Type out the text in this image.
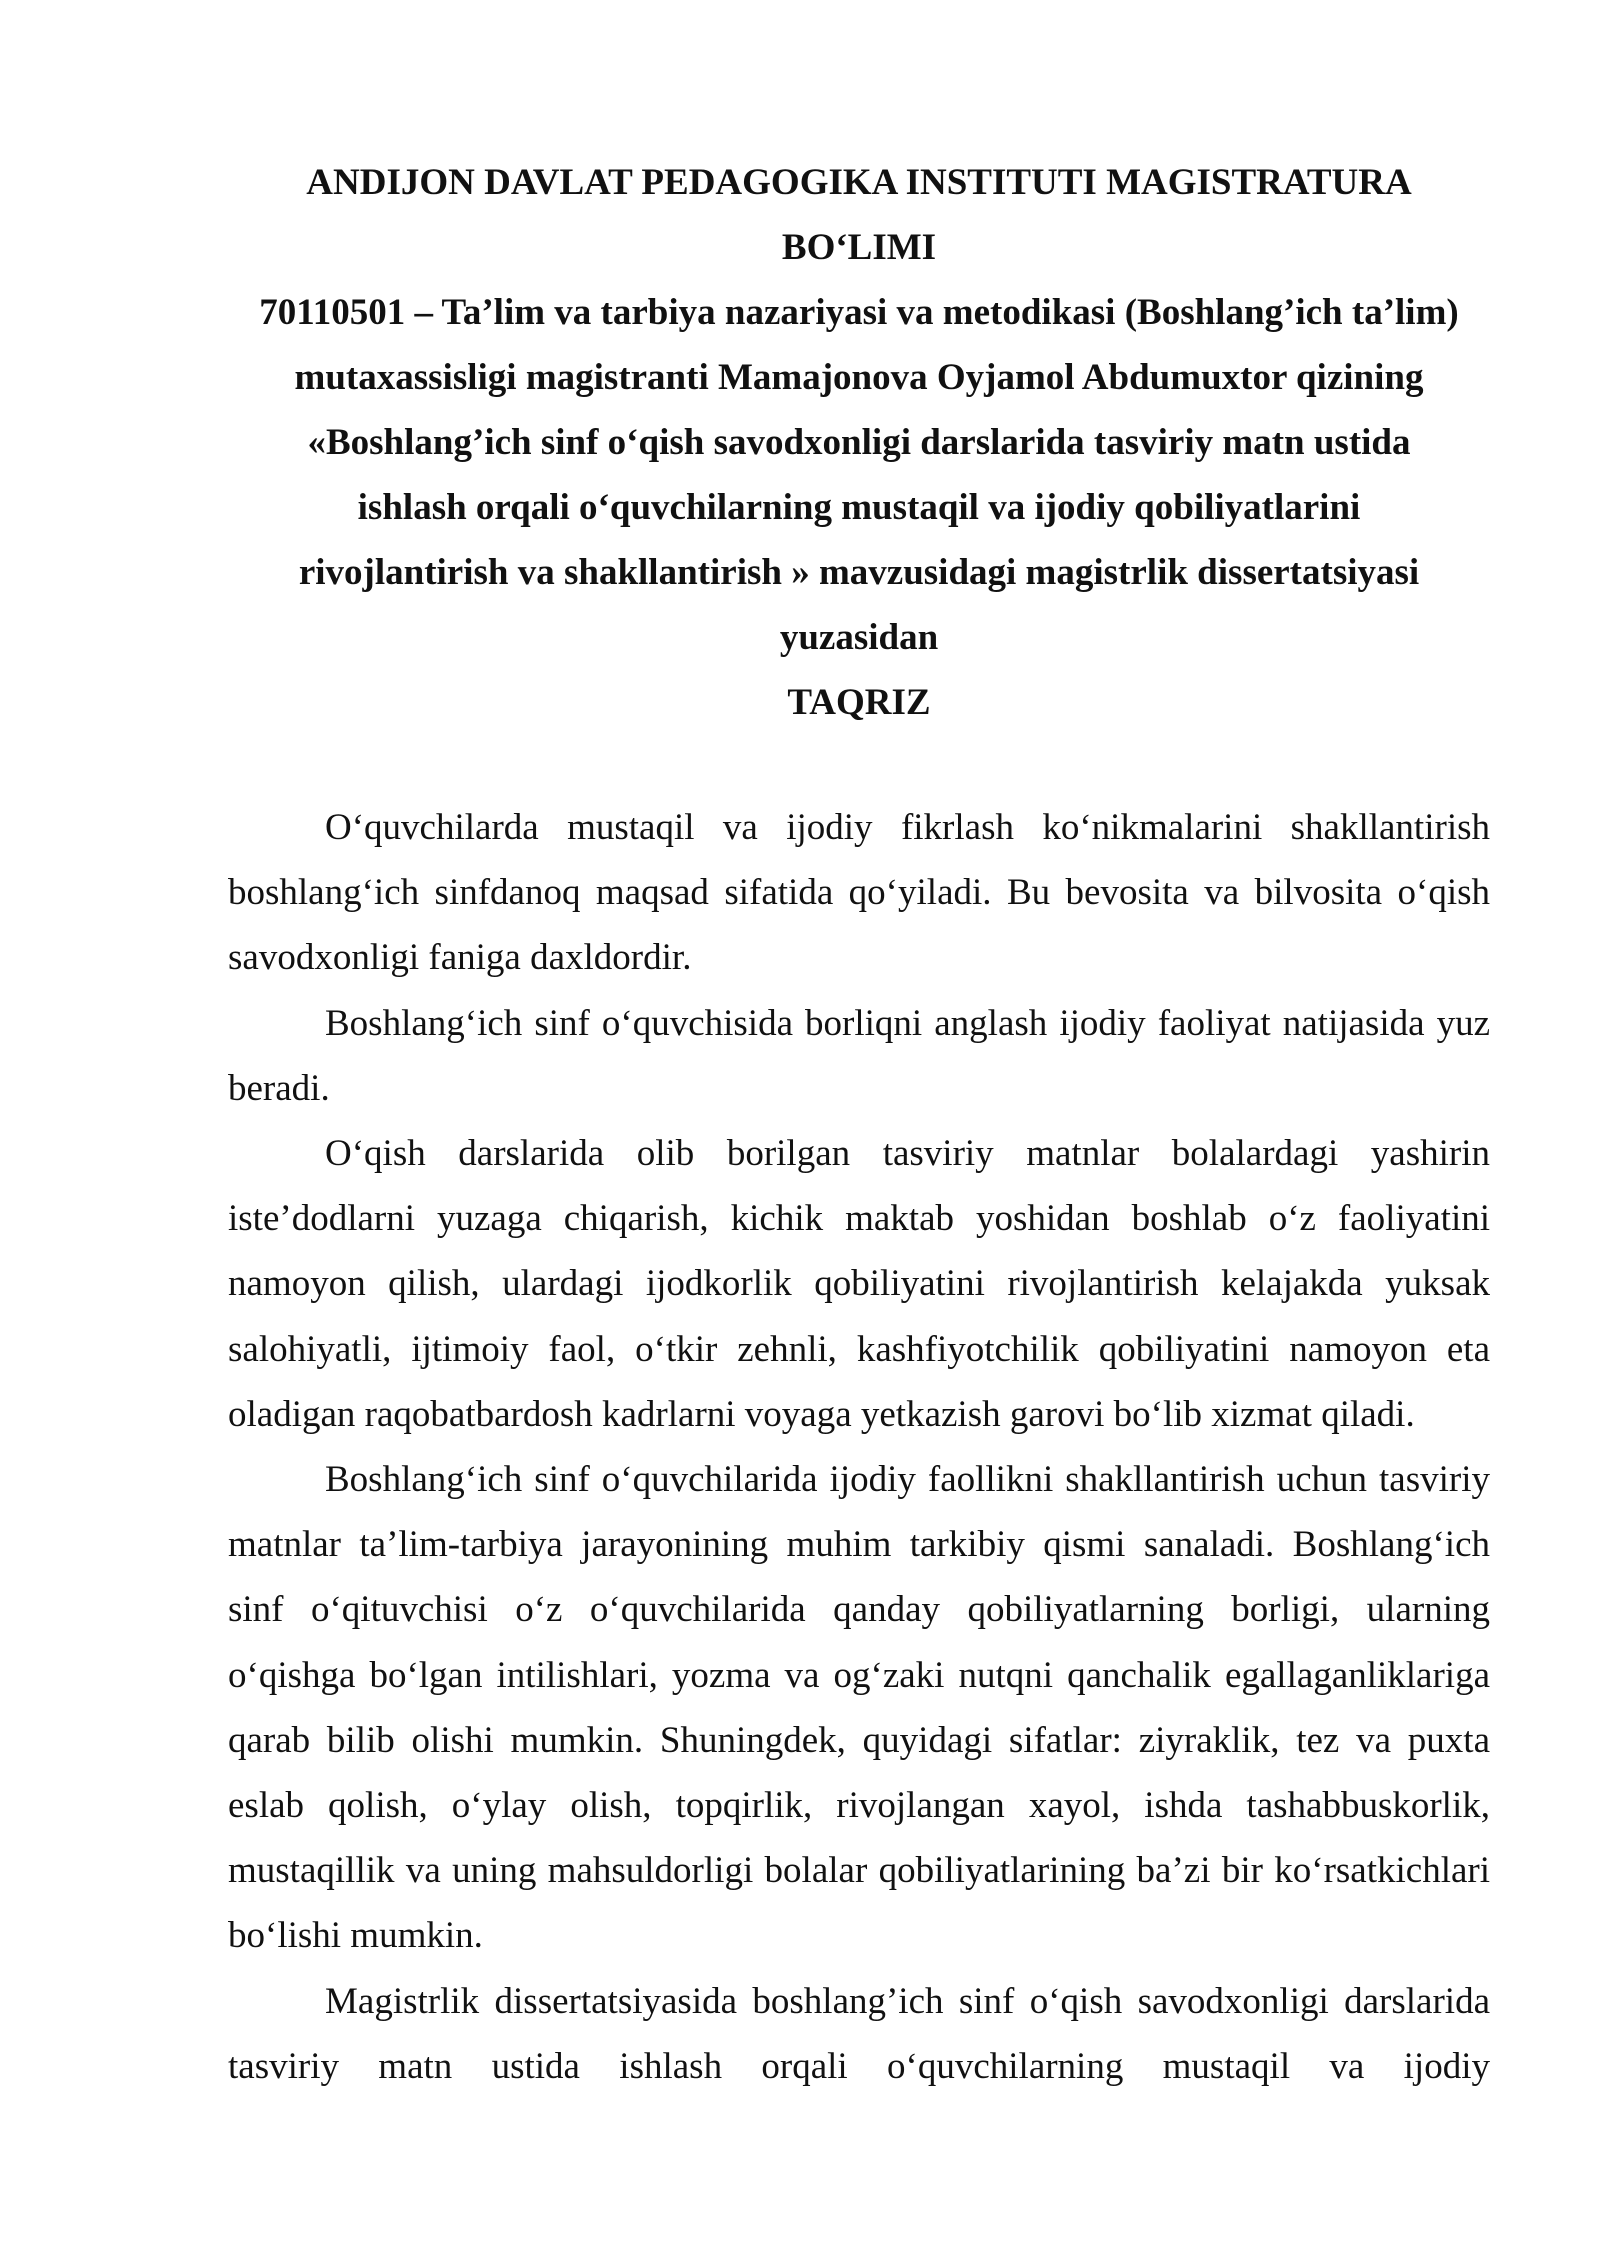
ANDIJON DAVLAT PEDAGOGIKA INSTITUTI MAGISTRATURA
BO‘LIMI
70110501 – Ta’lim va tarbiya nazariyasi va metodikasi (Boshlang’ich ta’lim)
mutaxassisligi magistranti Mamajonova Oyjamol Abdumuxtor qizining
«Boshlang’ich sinf o‘qish savodxonligi darslarida tasviriy matn ustida
ishlash orqali o‘quvchilarning mustaqil va ijodiy qobiliyatlarini
rivojlantirish va shakllantirish » mavzusidagi magistrlik dissertatsiyasi
yuzasidan
TAQRIZ

O‘quvchilarda mustaqil va ijodiy fikrlash ko‘nikmalarini shakllantirish boshlang‘ich sinfdanoq maqsad sifatida qo‘yiladi. Bu bevosita va bilvosita o‘qish savodxonligi faniga daxldordir.

Boshlang‘ich sinf o‘quvchisida borliqni anglash ijodiy faoliyat natijasida yuz beradi.

O‘qish darslarida olib borilgan tasviriy matnlar bolalardagi yashirin iste’dodlarni yuzaga chiqarish, kichik maktab yoshidan boshlab o‘z faoliyatini namoyon qilish, ulardagi ijodkorlik qobiliyatini rivojlantirish kelajakda yuksak salohiyatli, ijtimoiy faol, o‘tkir zehnli, kashfiyotchilik qobiliyatini namoyon eta oladigan raqobatbardosh kadrlarni voyaga yetkazish garovi bo‘lib xizmat qiladi.

Boshlang‘ich sinf o‘quvchilarida ijodiy faollikni shakllantirish uchun tasviriy matnlar ta’lim-tarbiya jarayonining muhim tarkibiy qismi sanaladi. Boshlang‘ich sinf o‘qituvchisi o‘z o‘quvchilarida qanday qobiliyatlarning borligi, ularning o‘qishga bo‘lgan intilishlari, yozma va og‘zaki nutqni qanchalik egallaganliklariga qarab bilib olishi mumkin. Shuningdek, quyidagi sifatlar: ziyraklik, tez va puxta eslab qolish, o‘ylay olish, topqirlik, rivojlangan xayol, ishda tashabbuskorlik, mustaqillik va uning mahsuldorligi bolalar qobiliyatlarining ba’zi bir ko‘rsatkichlari bo‘lishi mumkin.

Magistrlik dissertatsiyasida boshlang’ich sinf o‘qish savodxonligi darslarida tasviriy matn ustida ishlash orqali o‘quvchilarning mustaqil va ijodiy
